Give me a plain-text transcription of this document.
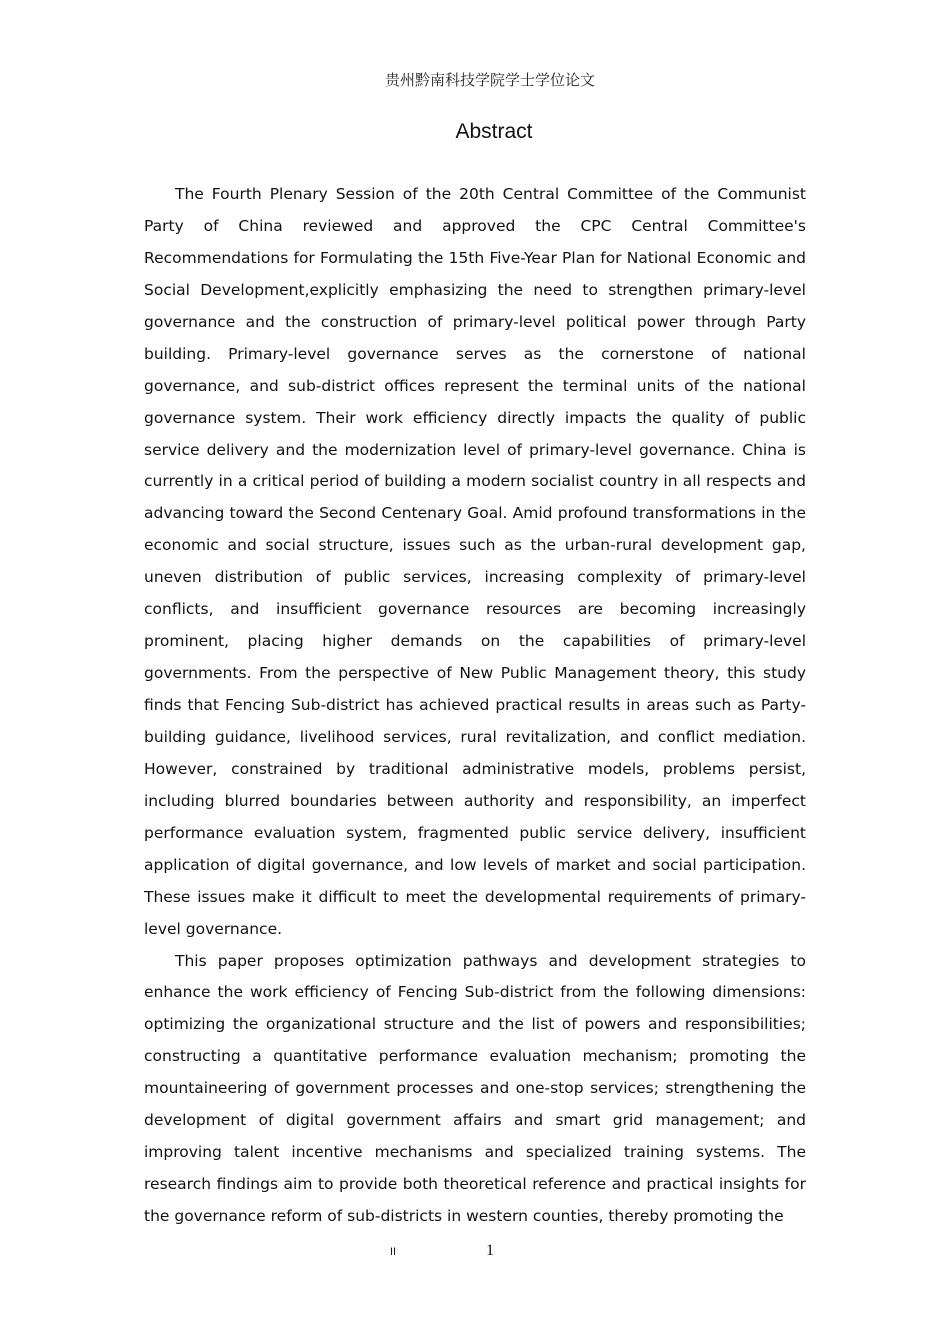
贵州黔南科技学院学士学位论文
Abstract

The Fourth Plenary Session of the 20th Central Committee of the Communist Party of China reviewed and approved the CPC Central Committee's Recommendations for Formulating the 15th Five-Year Plan for National Economic and Social Development,explicitly emphasizing the need to strengthen primary-level governance and the construction of primary-level political power through Party building. Primary-level governance serves as the cornerstone of national governance, and sub-district offices represent the terminal units of the national governance system. Their work efficiency directly impacts the quality of public service delivery and the modernization level of primary-level governance. China is currently in a critical period of building a modern socialist country in all respects and advancing toward the Second Centenary Goal. Amid profound transformations in the economic and social structure, issues such as the urban-rural development gap, uneven distribution of public services, increasing complexity of primary-level conflicts, and insufficient governance resources are becoming increasingly prominent, placing higher demands on the capabilities of primary-level governments. From the perspective of New Public Management theory, this study finds that Fencing Sub-district has achieved practical results in areas such as Party-building guidance, livelihood services, rural revitalization, and conflict mediation. However, constrained by traditional administrative models, problems persist, including blurred boundaries between authority and responsibility, an imperfect performance evaluation system, fragmented public service delivery, insufficient application of digital governance, and low levels of market and social participation. These issues make it difficult to meet the developmental requirements of primary-level governance.

This paper proposes optimization pathways and development strategies to enhance the work efficiency of Fencing Sub-district from the following dimensions: optimizing the organizational structure and the list of powers and responsibilities; constructing a quantitative performance evaluation mechanism; promoting the mountaineering of government processes and one-stop services; strengthening the development of digital government affairs and smart grid management; and improving talent incentive mechanisms and specialized training systems. The research findings aim to provide both theoretical reference and practical insights for the governance reform of sub-districts in western counties, thereby promoting the

II	1
